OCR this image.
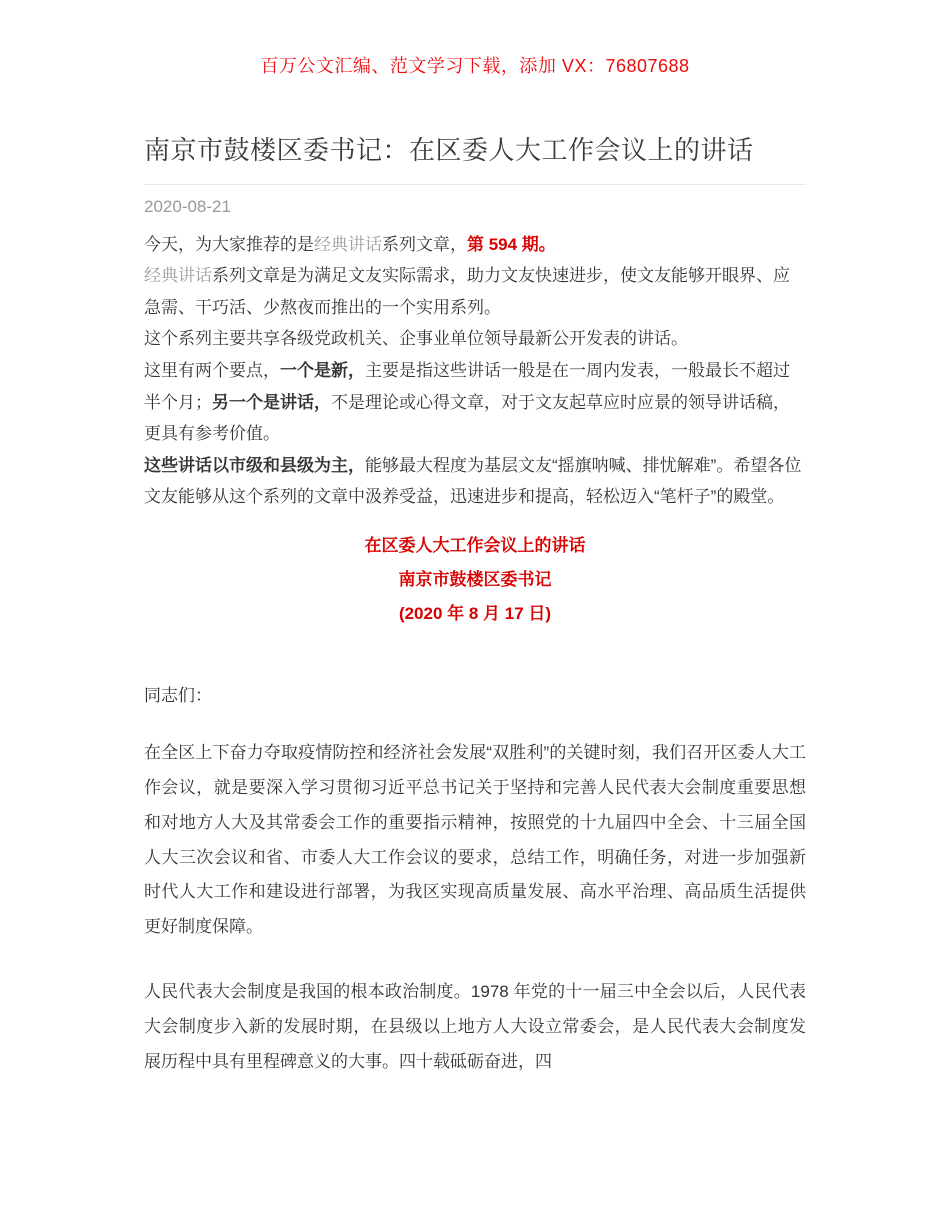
百万公文汇编、范文学习下载，添加 VX：76807688
南京市鼓楼区委书记：在区委人大工作会议上的讲话
2020-08-21

今天，为大家推荐的是经典讲话系列文章，第 594 期。

经典讲话系列文章是为满足文友实际需求，助力文友快速进步，使文友能够开眼界、应急需、干巧活、少熬夜而推出的一个实用系列。

这个系列主要共享各级党政机关、企事业单位领导最新公开发表的讲话。

这里有两个要点，一个是新，主要是指这些讲话一般是在一周内发表，一般最长不超过半个月；另一个是讲话，不是理论或心得文章，对于文友起草应时应景的领导讲话稿，更具有参考价值。

这些讲话以市级和县级为主，能够最大程度为基层文友“摇旗呐喊、排忧解难”。希望各位文友能够从这个系列的文章中汲养受益，迅速进步和提高，轻松迈入“笔杆子”的殿堂。

在区委人大工作会议上的讲话
南京市鼓楼区委书记
(2020 年 8 月 17 日)
同志们：

在全区上下奋力夺取疫情防控和经济社会发展“双胜利”的关键时刻，我们召开区委人大工作会议，就是要深入学习贯彻习近平总书记关于坚持和完善人民代表大会制度重要思想和对地方人大及其常委会工作的重要指示精神，按照党的十九届四中全会、十三届全国人大三次会议和省、市委人大工作会议的要求，总结工作，明确任务，对进一步加强新时代人大工作和建设进行部署，为我区实现高质量发展、高水平治理、高品质生活提供更好制度保障。

人民代表大会制度是我国的根本政治制度。1978 年党的十一届三中全会以后，人民代表大会制度步入新的发展时期，在县级以上地方人大设立常委会，是人民代表大会制度发展历程中具有里程碑意义的大事。四十载砥砺奋进，四
